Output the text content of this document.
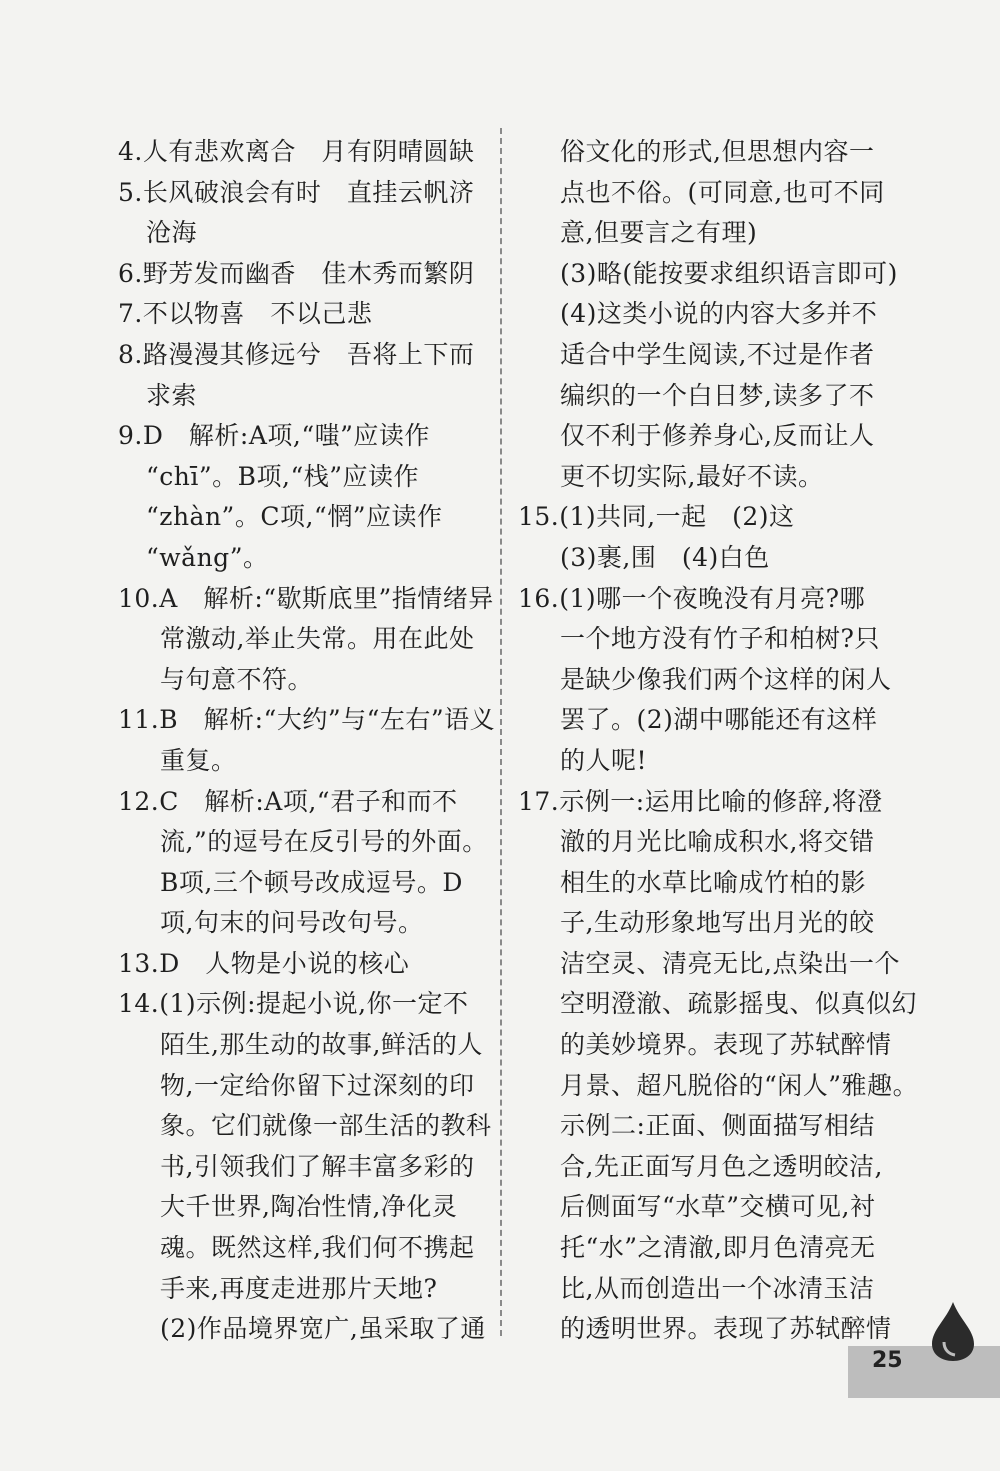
4.人有悲欢离合　月有阴晴圆缺
5.长风破浪会有时　直挂云帆济
沧海
6.野芳发而幽香　佳木秀而繁阴
7.不以物喜　不以己悲
8.路漫漫其修远兮　吾将上下而
求索
9.D　解析:A项,“嗤”应读作
“chī”。B项,“栈”应读作
“zhàn”。C项,“惘”应读作
“wǎng”。
10.A　解析:“歇斯底里”指情绪异
常激动,举止失常。用在此处
与句意不符。
11.B　解析:“大约”与“左右”语义
重复。
12.C　解析:A项,“君子和而不
流,”的逗号在反引号的外面。
B项,三个顿号改成逗号。D
项,句末的问号改句号。
13.D　人物是小说的核心
14.(1)示例:提起小说,你一定不
陌生,那生动的故事,鲜活的人
物,一定给你留下过深刻的印
象。它们就像一部生活的教科
书,引领我们了解丰富多彩的
大千世界,陶冶性情,净化灵
魂。既然这样,我们何不携起
手来,再度走进那片天地?
(2)作品境界宽广,虽采取了通
俗文化的形式,但思想内容一
点也不俗。(可同意,也可不同
意,但要言之有理)
(3)略(能按要求组织语言即可)
(4)这类小说的内容大多并不
适合中学生阅读,不过是作者
编织的一个白日梦,读多了不
仅不利于修养身心,反而让人
更不切实际,最好不读。
15.(1)共同,一起　(2)这
(3)裹,围　(4)白色
16.(1)哪一个夜晚没有月亮?哪
一个地方没有竹子和柏树?只
是缺少像我们两个这样的闲人
罢了。(2)湖中哪能还有这样
的人呢!
17.示例一:运用比喻的修辞,将澄
澈的月光比喻成积水,将交错
相生的水草比喻成竹柏的影
子,生动形象地写出月光的皎
洁空灵、清亮无比,点染出一个
空明澄澈、疏影摇曳、似真似幻
的美妙境界。表现了苏轼醉情
月景、超凡脱俗的“闲人”雅趣。
示例二:正面、侧面描写相结
合,先正面写月色之透明皎洁,
后侧面写“水草”交横可见,衬
托“水”之清澈,即月色清亮无
比,从而创造出一个冰清玉洁
的透明世界。表现了苏轼醉情
25
